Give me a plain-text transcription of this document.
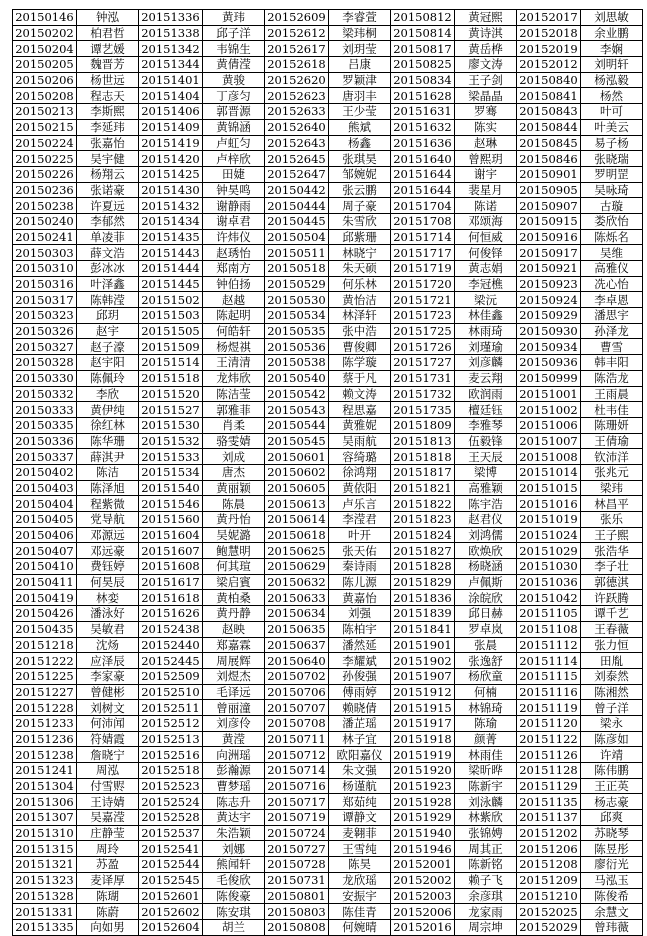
20150146	钟泓	20151336	黄玮	20152609	李睿萱	20150812	黄冠熙	20152017	刘思敏
20150202	柏君哲	20151338	邱子洋	20152612	梁玮桐	20150814	黄诗淇	20152018	余业鹏
20150204	谭艺媛	20151342	韦锦生	20152617	刘玥莹	20150817	黄岳桦	20152019	李娴
20150205	魏晋芳	20151344	黄倩滢	20152618	吕康	20150825	廖文涛	20152012	刘明轩
20150206	杨世远	20151401	黄骏	20152620	罗颖津	20150834	王子剑	20150840	杨泓毅
20150208	程志天	20151404	丁彦匀	20152623	唐羽丰	20151628	梁晶晶	20150841	杨然
20150213	李斯熙	20151406	郭晋源	20152633	王少莹	20151631	罗骞	20150843	叶可
20150215	李延玮	20151409	黄锦涵	20152640	熊斌	20151632	陈实	20150844	叶美云
20150224	张嘉怡	20151419	卢虹匀	20152643	杨鑫	20151636	赵琳	20150845	易子杨
20150225	吴宇健	20151420	卢梓欣	20152645	张琪昊	20151640	曾熙玥	20150846	张晓瑞
20150226	杨翔云	20151425	田婕	20152647	邹婉妮	20151644	谢宇	20150901	罗明罡
20150236	张诺豪	20151430	钟昊鸣	20150442	张云鹏	20151644	裴星月	20150905	吴咏琦
20150238	许夏远	20151432	谢静雨	20150444	周子豪	20151704	陈诺	20150907	古璇
20150240	李郁然	20151434	谢卓君	20150445	朱雪欣	20151708	邓颂海	20150915	娄欣怡
20150241	单凌菲	20151435	许炜仪	20150504	邱紫珊	20151714	何恒威	20150916	陈烁名
20150303	薛文浩	20151443	赵琇怡	20150511	林晓宁	20151717	何俊铎	20150917	吴维
20150310	彭冰冰	20151444	郑南方	20150518	朱天硕	20151719	黄志娟	20150921	高雅仪
20150316	叶泽鑫	20151445	钟伯扬	20150529	何乐林	20151720	李冠樵	20150923	冼心怡
20150317	陈韩滢	20151502	赵越	20150530	黄怡洁	20151721	梁沅	20150924	李卓恩
20150323	邱玥	20151503	陈起明	20150534	林泽轩	20151723	林佳鑫	20150929	潘思宇
20150326	赵宇	20151505	何皓轩	20150535	张中浩	20151725	林雨琦	20150930	孙泽龙
20150327	赵子濠	20151509	杨煜祺	20150536	曹俊卿	20151726	刘瑾瑜	20150934	曹雪
20150328	赵宇阳	20151514	王清清	20150538	陈学璇	20151727	刘彦麟	20150936	韩丰阳
20150330	陈佩玲	20151518	龙炜欣	20150540	蔡于凡	20151731	麦云翔	20150999	陈浩龙
20150332	李欣	20151520	陈洁莹	20150542	赖文涛	20151732	欧润雨	20151001	王雨晨
20150333	黄伊纯	20151527	郭雅菲	20150543	程思嘉	20151735	檀廷钰	20151002	杜韦佳
20150335	徐红林	20151530	肖柔	20150544	黄雅妮	20151809	李雅琴	20151006	陈珊妍
20150336	陈华珊	20151532	骆雯婧	20150545	吴雨航	20151813	伍毅锋	20151007	王倩瑜
20150337	薛淇尹	20151533	刘成	20150601	容绮璐	20151818	王天辰	20151008	钦沛洋
20150402	陈洁	20151534	唐杰	20150602	徐鸿翔	20151817	梁博	20151014	张兆元
20150403	陈泽旭	20151540	黄丽颖	20150605	黄依阳	20151821	高雅颖	20151015	梁玮
20150404	程紫微	20151546	陈晨	20150613	卢乐言	20151822	陈宇浩	20151016	林昌平
20150405	党导航	20151560	黄丹怡	20150614	李滢君	20151823	赵君仪	20151019	张乐
20150406	邓源远	20151604	吴妮潞	20150618	叶开	20151824	刘鸿儒	20151024	王子熙
20150407	邓远豪	20151607	鲍慧明	20150625	张天佑	20151827	欧焕欣	20151029	张浩华
20150410	费钰婷	20151608	何其瑄	20150629	秦诗雨	20151828	杨晓涵	20151030	李子壮
20150411	何昊辰	20151617	梁启賓	20150632	陈儿源	20151829	卢佩斯	20151036	郭德淇
20150419	林娈	20151618	黄柏桑	20150633	黄嘉怡	20151836	涂皖欣	20151042	许跃腾
20150426	潘泳好	20151626	黄丹静	20150634	刘强	20151839	邱日赫	20151105	谭千艺
20150435	吴敏君	20152438	赵映	20150635	陈柏宇	20151841	罗卓岚	20151108	王春薇
20151218	沈炀	20152440	郑嘉霖	20150637	潘然延	20151901	张晨	20151112	张力恒
20151222	应泽辰	20152445	周展辉	20150640	李耀斌	20151902	张逸舒	20151114	田胤
20151225	李家豪	20152509	刘煜杰	20150702	孙俊强	20151907	杨欣童	20151115	刘泰然
20151227	曾健彬	20152510	毛译远	20150706	傅雨婷	20151912	何楠	20151116	陈湘然
20151228	刘树文	20152511	曾丽潼	20150707	赖晓倩	20151915	林锦琦	20151119	曾子洋
20151233	何沛闻	20152512	刘彦伶	20150708	潘芷瑶	20151917	陈瑜	20151120	梁永
20151236	符婧霞	20152513	黄滢	20150711	林子宜	20151918	颜菁	20151122	陈彦如
20151238	詹晓宁	20152516	向洲瑶	20150712	欧阳嘉仪	20151919	林雨佳	20151126	许靖
20151241	周泓	20152518	彭瀚源	20150714	朱文强	20151920	梁昕晔	20151128	陈伟鹏
20151304	付雪赆	20152523	曹梦瑶	20150716	杨谨航	20151923	陈新宇	20151129	王正英
20151306	王诗婧	20152524	陈志升	20150717	郑茹纯	20151928	刘泳麟	20151135	杨志豪
20151307	吴嘉滢	20152528	黄达宇	20150719	谭静文	20151929	林紫欣	20151137	邱爽
20151310	庄静莹	20152537	朱浩颖	20150724	麦翱菲	20151940	张锦娉	20151202	苏晓琴
20151315	周玲	20152541	刘娜	20150727	王雪纯	20151946	周其正	20151206	陈昱彤
20151321	苏盈	20152544	熊闻轩	20150728	陈昊	20152001	陈新铭	20151208	廖衍光
20151323	麦译厚	20152545	毛俊欣	20150731	龙欣瑶	20152002	赖子飞	20151209	马泓玉
20151328	陈瑚	20152601	陈俊豪	20150801	安振宇	20152003	余彦琪	20151210	陈俊希
20151331	陈蔚	20152602	陈安琪	20150803	陈佳青	20152006	龙家雨	20152025	余慧文
20151335	向如男	20152604	胡兰	20150808	何婉晴	20152016	周宗坤	20152029	曾玮薇
